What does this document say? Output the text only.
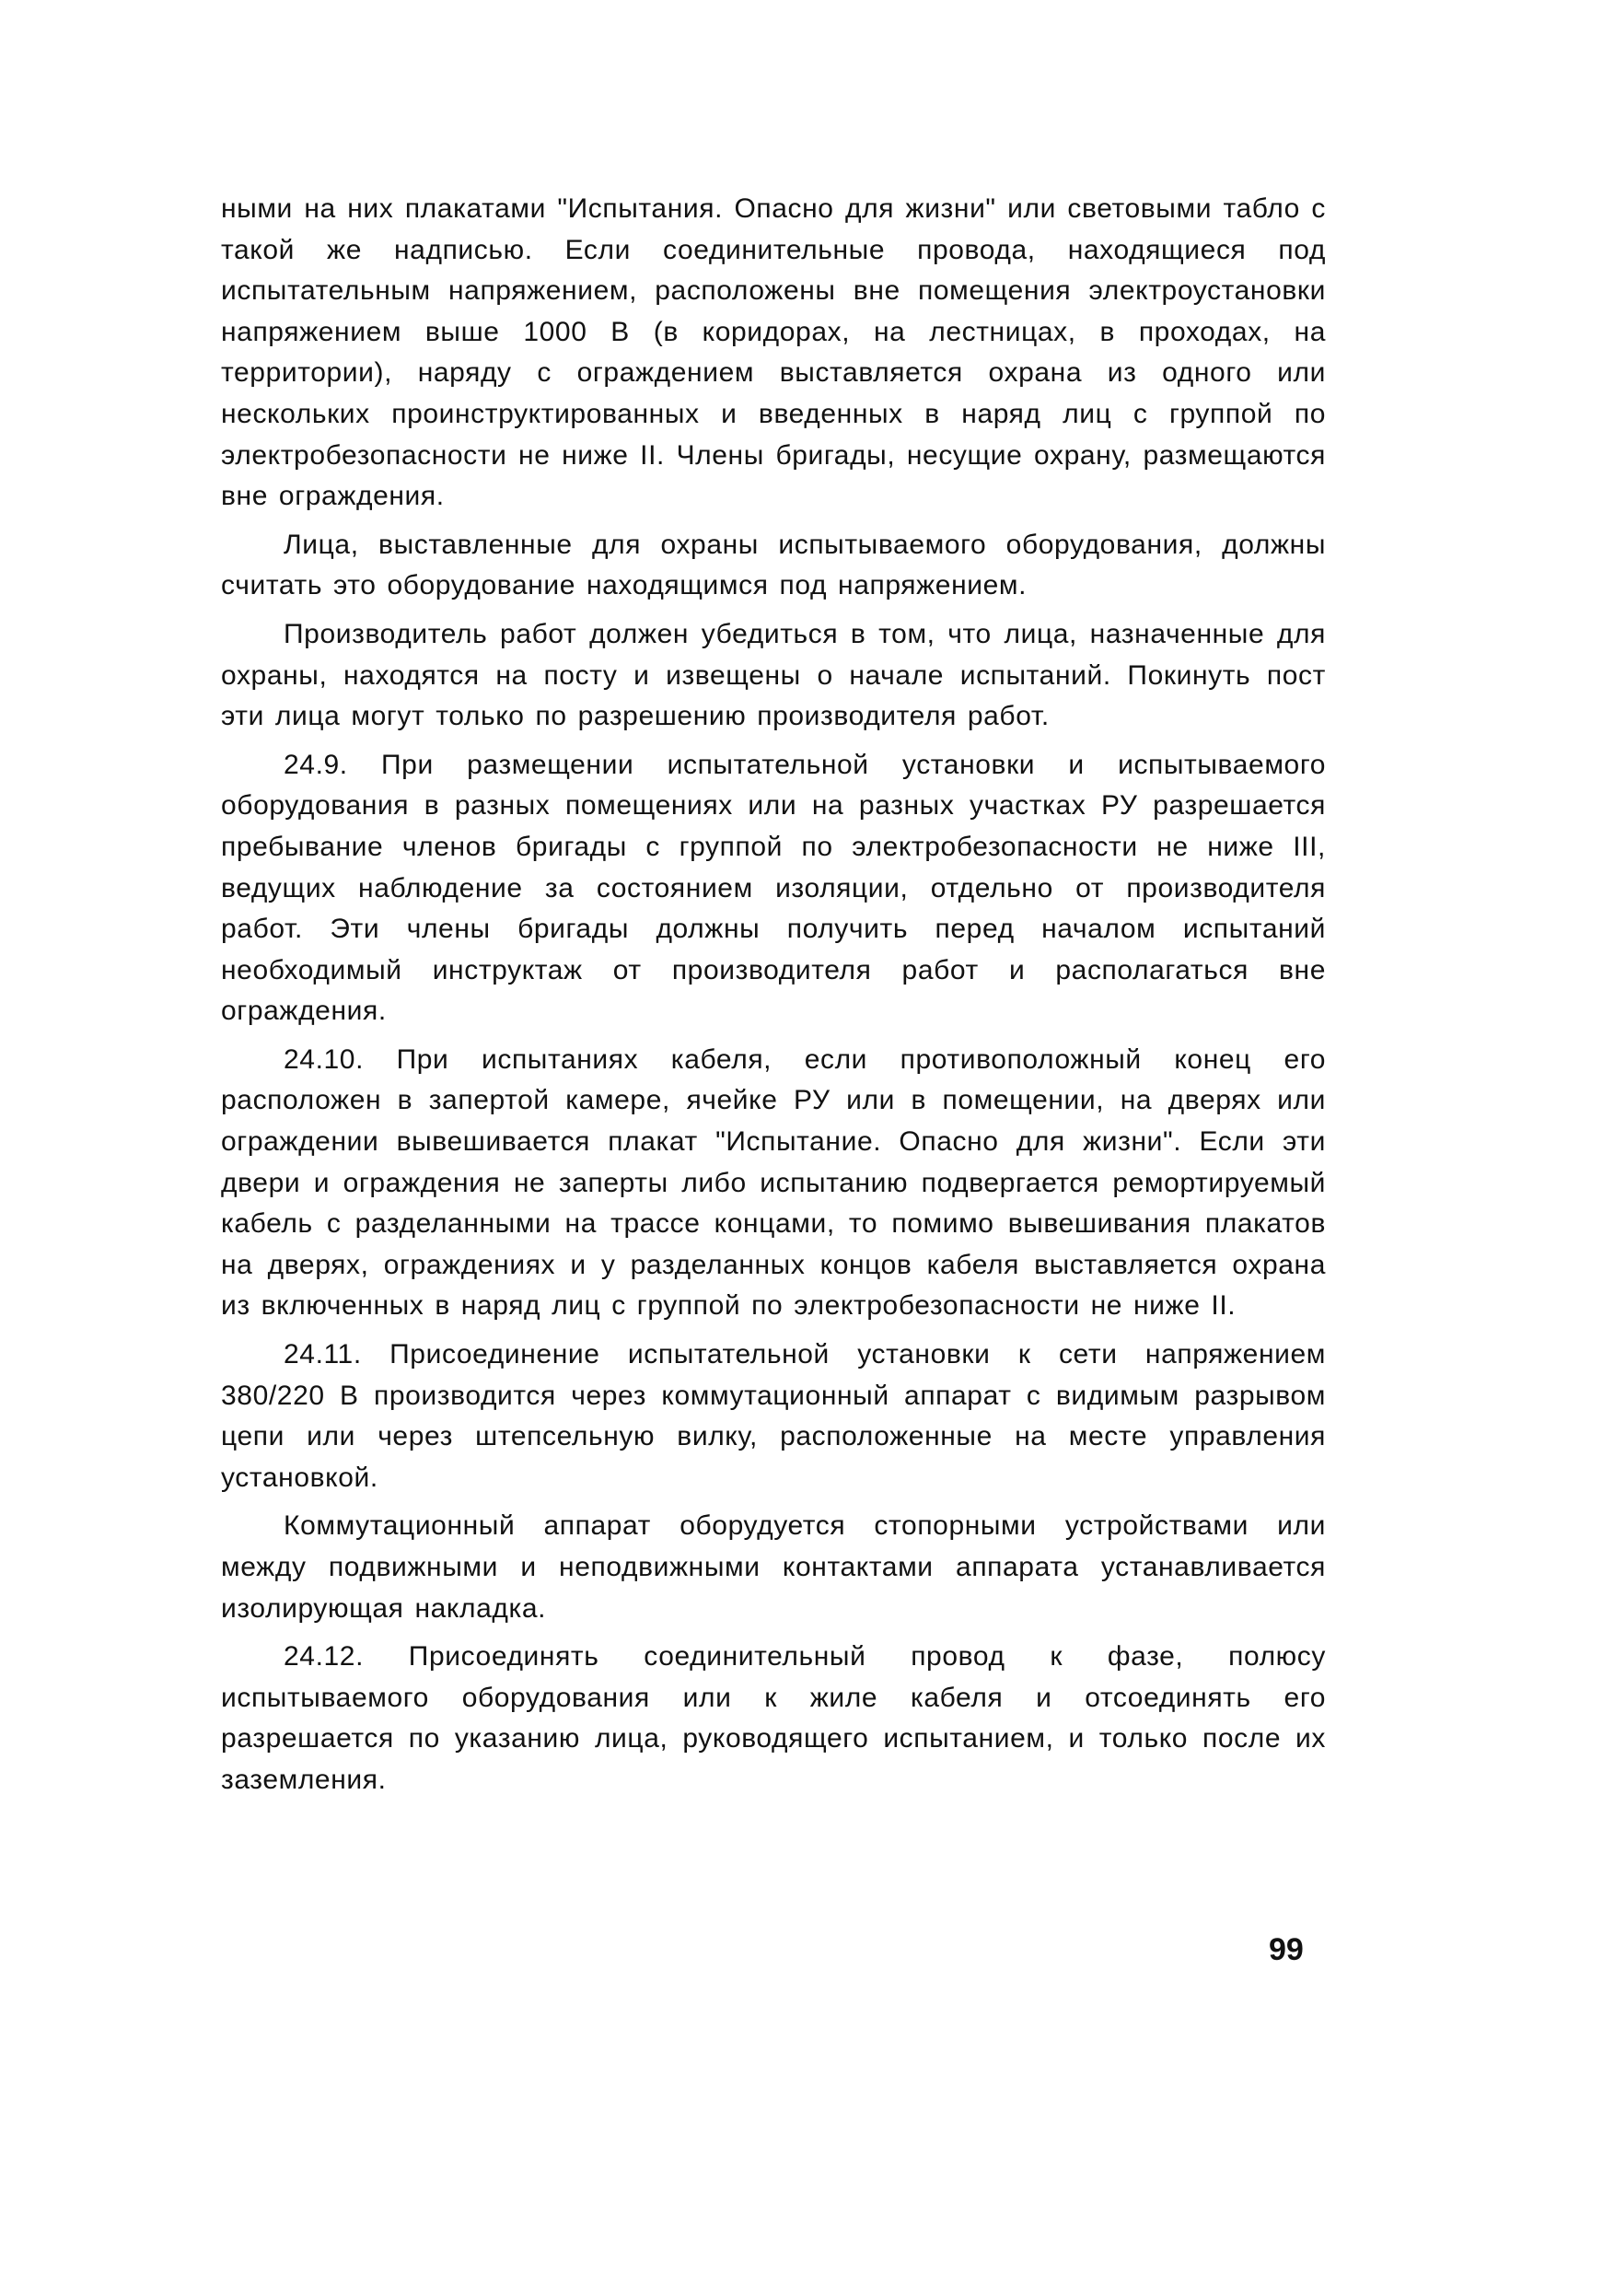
ными на них плакатами "Испытания. Опасно для жизни" или световыми табло с такой же надписью. Если соединительные провода, находящиеся под испытательным напряжением, расположены вне помещения электроустановки напряжением выше 1000 В (в коридорах, на лестницах, в проходах, на территории), наряду с ограждением выставляется охрана из одного или нескольких проинструктированных и введенных в наряд лиц с группой по электробезопасности не ниже II. Члены бригады, несущие охрану, размещаются вне ограждения.

Лица, выставленные для охраны испытываемого оборудования, должны считать это оборудование находящимся под напряжением.

Производитель работ должен убедиться в том, что лица, назначенные для охраны, находятся на посту и извещены о начале испытаний. Покинуть пост эти лица могут только по разрешению производителя работ.

24.9. При размещении испытательной установки и испытываемого оборудования в разных помещениях или на разных участках РУ разрешается пребывание членов бригады с группой по электробезопасности не ниже III, ведущих наблюдение за состоянием изоляции, отдельно от производителя работ. Эти члены бригады должны получить перед началом испытаний необходимый инструктаж от производителя работ и располагаться вне ограждения.

24.10. При испытаниях кабеля, если противоположный конец его расположен в запертой камере, ячейке РУ или в помещении, на дверях или ограждении вывешивается плакат "Испытание. Опасно для жизни". Если эти двери и ограждения не заперты либо испытанию подвергается ремортируемый кабель с разделанными на трассе концами, то помимо вывешивания плакатов на дверях, ограждениях и у разделанных концов кабеля выставляется охрана из включенных в наряд лиц с группой по электробезопасности не ниже II.

24.11. Присоединение испытательной установки к сети напряжением 380/220 В производится через коммутационный аппарат с видимым разрывом цепи или через штепсельную вилку, расположенные на месте управления установкой.

Коммутационный аппарат оборудуется стопорными устройствами или между подвижными и неподвижными контактами аппарата устанавливается изолирующая накладка.

24.12. Присоединять соединительный провод к фазе, полюсу испытываемого оборудования или к жиле кабеля и отсоединять его разрешается по указанию лица, руководящего испытанием, и только после их заземления.

99
